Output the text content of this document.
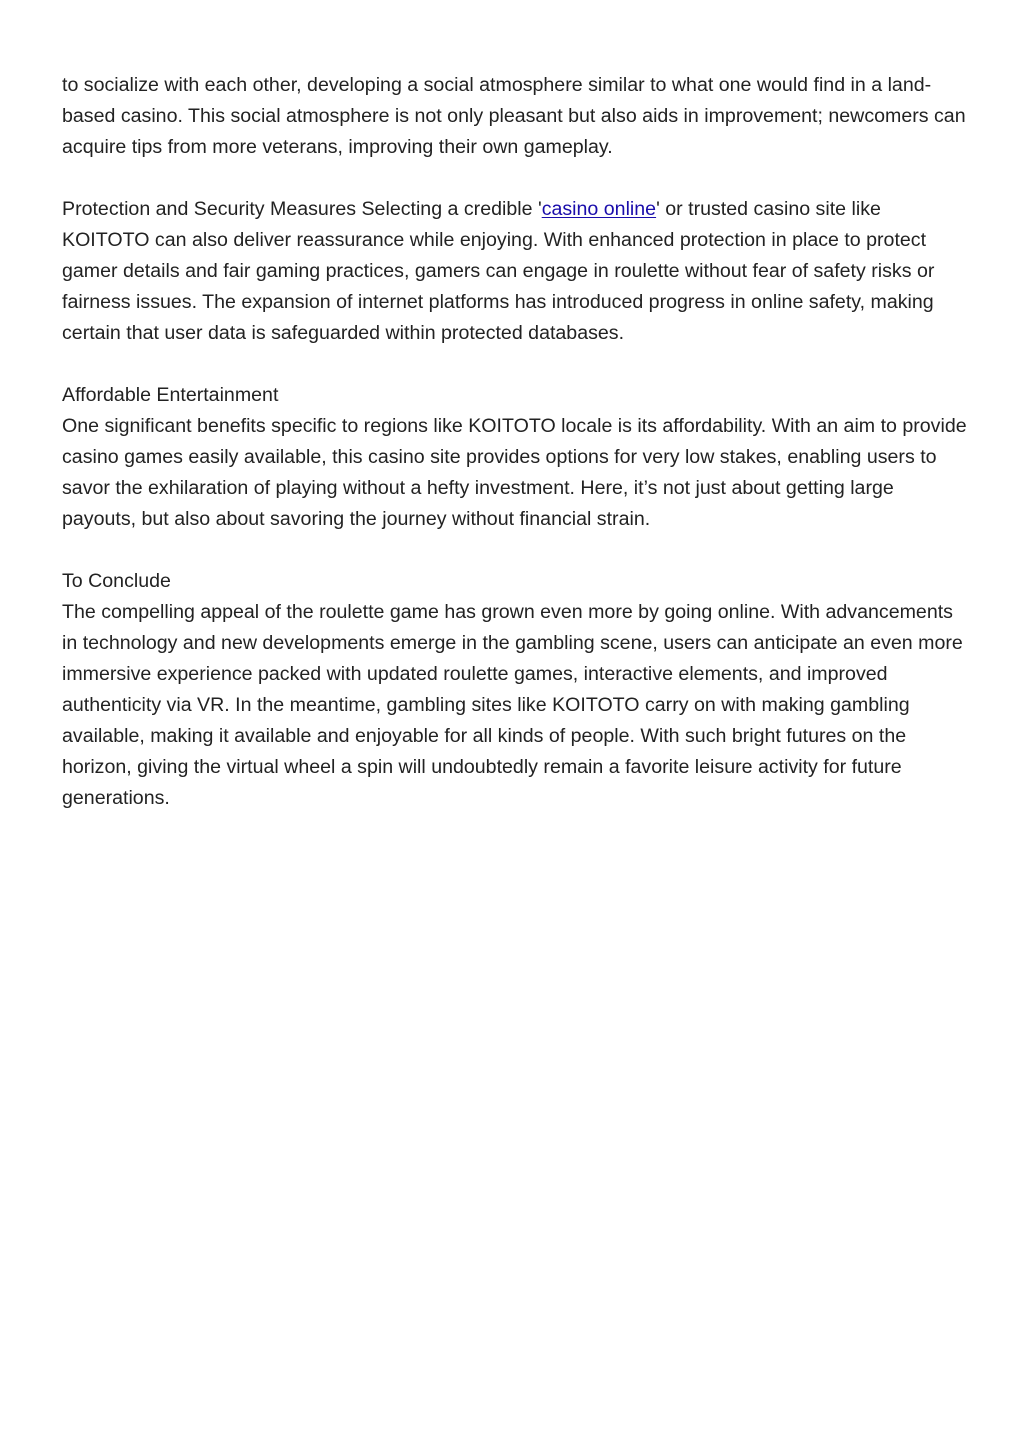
to socialize with each other, developing a social atmosphere similar to what one would find in a land-based casino. This social atmosphere is not only pleasant but also aids in improvement; newcomers can acquire tips from more veterans, improving their own gameplay.

Protection and Security Measures Selecting a credible 'casino online' or trusted casino site like KOITOTO can also deliver reassurance while enjoying. With enhanced protection in place to protect gamer details and fair gaming practices, gamers can engage in roulette without fear of safety risks or fairness issues. The expansion of internet platforms has introduced progress in online safety, making certain that user data is safeguarded within protected databases.

Affordable Entertainment
One significant benefits specific to regions like KOITOTO locale is its affordability. With an aim to provide casino games easily available, this casino site provides options for very low stakes, enabling users to savor the exhilaration of playing without a hefty investment. Here, it’s not just about getting large payouts, but also about savoring the journey without financial strain.
To Conclude
The compelling appeal of the roulette game has grown even more by going online. With advancements in technology and new developments emerge in the gambling scene, users can anticipate an even more immersive experience packed with updated roulette games, interactive elements, and improved authenticity via VR. In the meantime, gambling sites like KOITOTO carry on with making gambling available, making it available and enjoyable for all kinds of people. With such bright futures on the horizon, giving the virtual wheel a spin will undoubtedly remain a favorite leisure activity for future generations.
